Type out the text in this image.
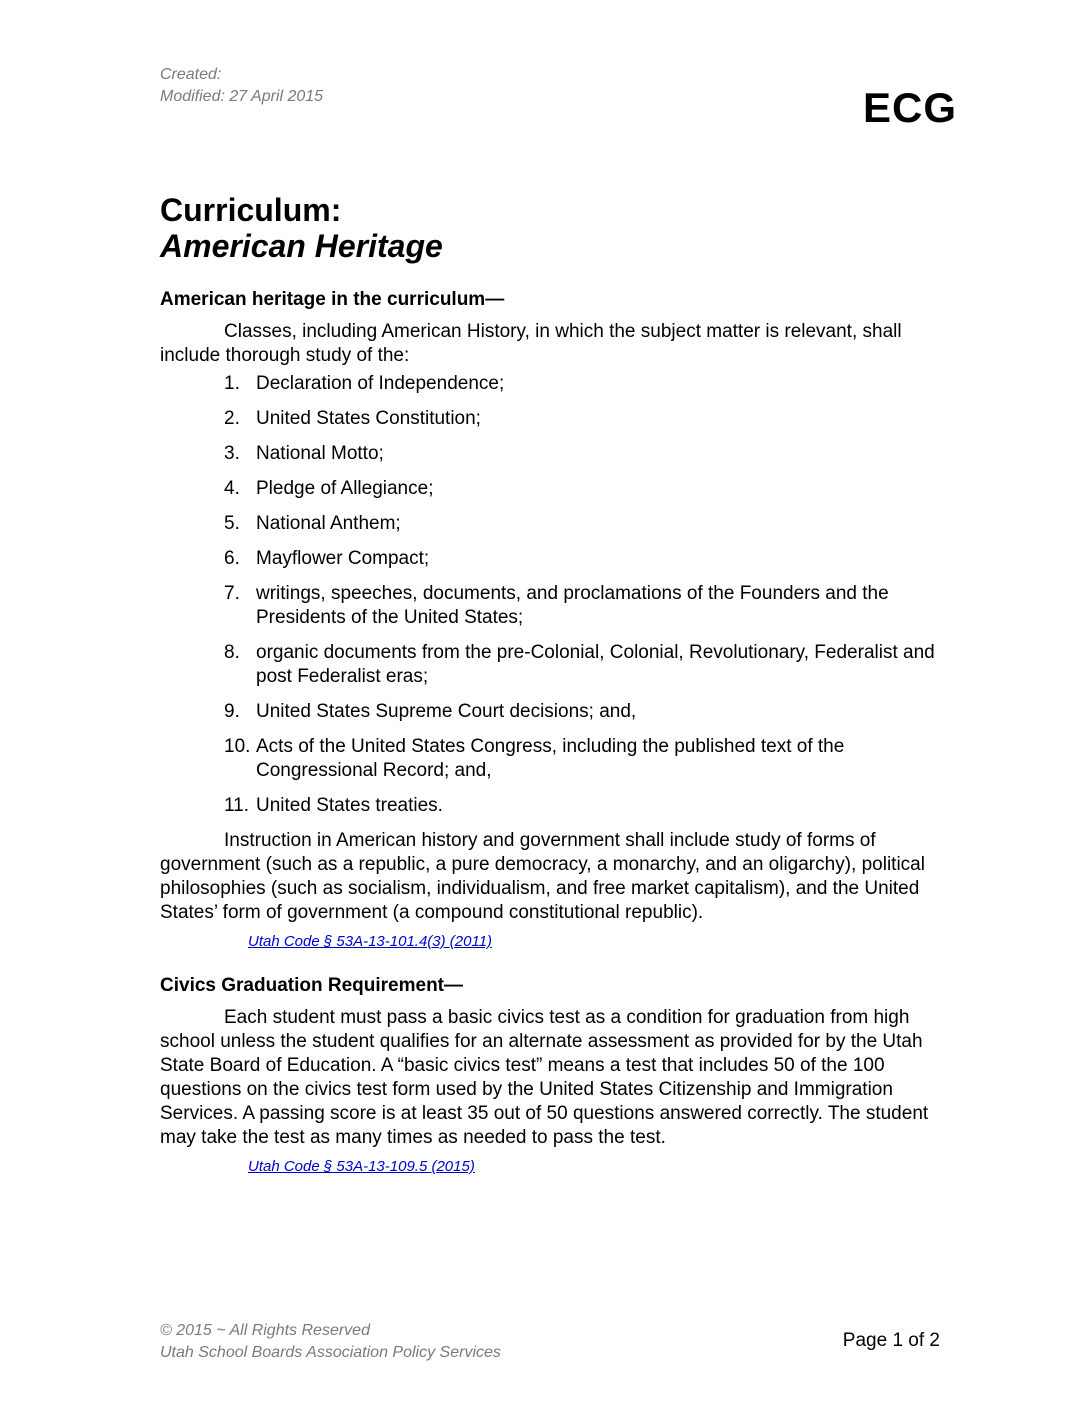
Created:
Modified: 27 April 2015	ECG
Curriculum:
American Heritage
American heritage in the curriculum—

Classes, including American History, in which the subject matter is relevant, shall include thorough study of the:

1. Declaration of Independence;
2. United States Constitution;
3. National Motto;
4. Pledge of Allegiance;
5. National Anthem;
6. Mayflower Compact;
7. writings, speeches, documents, and proclamations of the Founders and the Presidents of the United States;
8. organic documents from the pre-Colonial, Colonial, Revolutionary, Federalist and post Federalist eras;
9. United States Supreme Court decisions; and,
10. Acts of the United States Congress, including the published text of the Congressional Record; and,
11. United States treaties.

Instruction in American history and government shall include study of forms of government (such as a republic, a pure democracy, a monarchy, and an oligarchy), political philosophies (such as socialism, individualism, and free market capitalism), and the United States’ form of government (a compound constitutional republic).

Utah Code § 53A-13-101.4(3) (2011)
Civics Graduation Requirement—

Each student must pass a basic civics test as a condition for graduation from high school unless the student qualifies for an alternate assessment as provided for by the Utah State Board of Education. A “basic civics test” means a test that includes 50 of the 100 questions on the civics test form used by the United States Citizenship and Immigration Services. A passing score is at least 35 out of 50 questions answered correctly. The student may take the test as many times as needed to pass the test.

Utah Code § 53A-13-109.5 (2015)
© 2015 ~ All Rights Reserved
Utah School Boards Association Policy Services
Page 1 of 2
